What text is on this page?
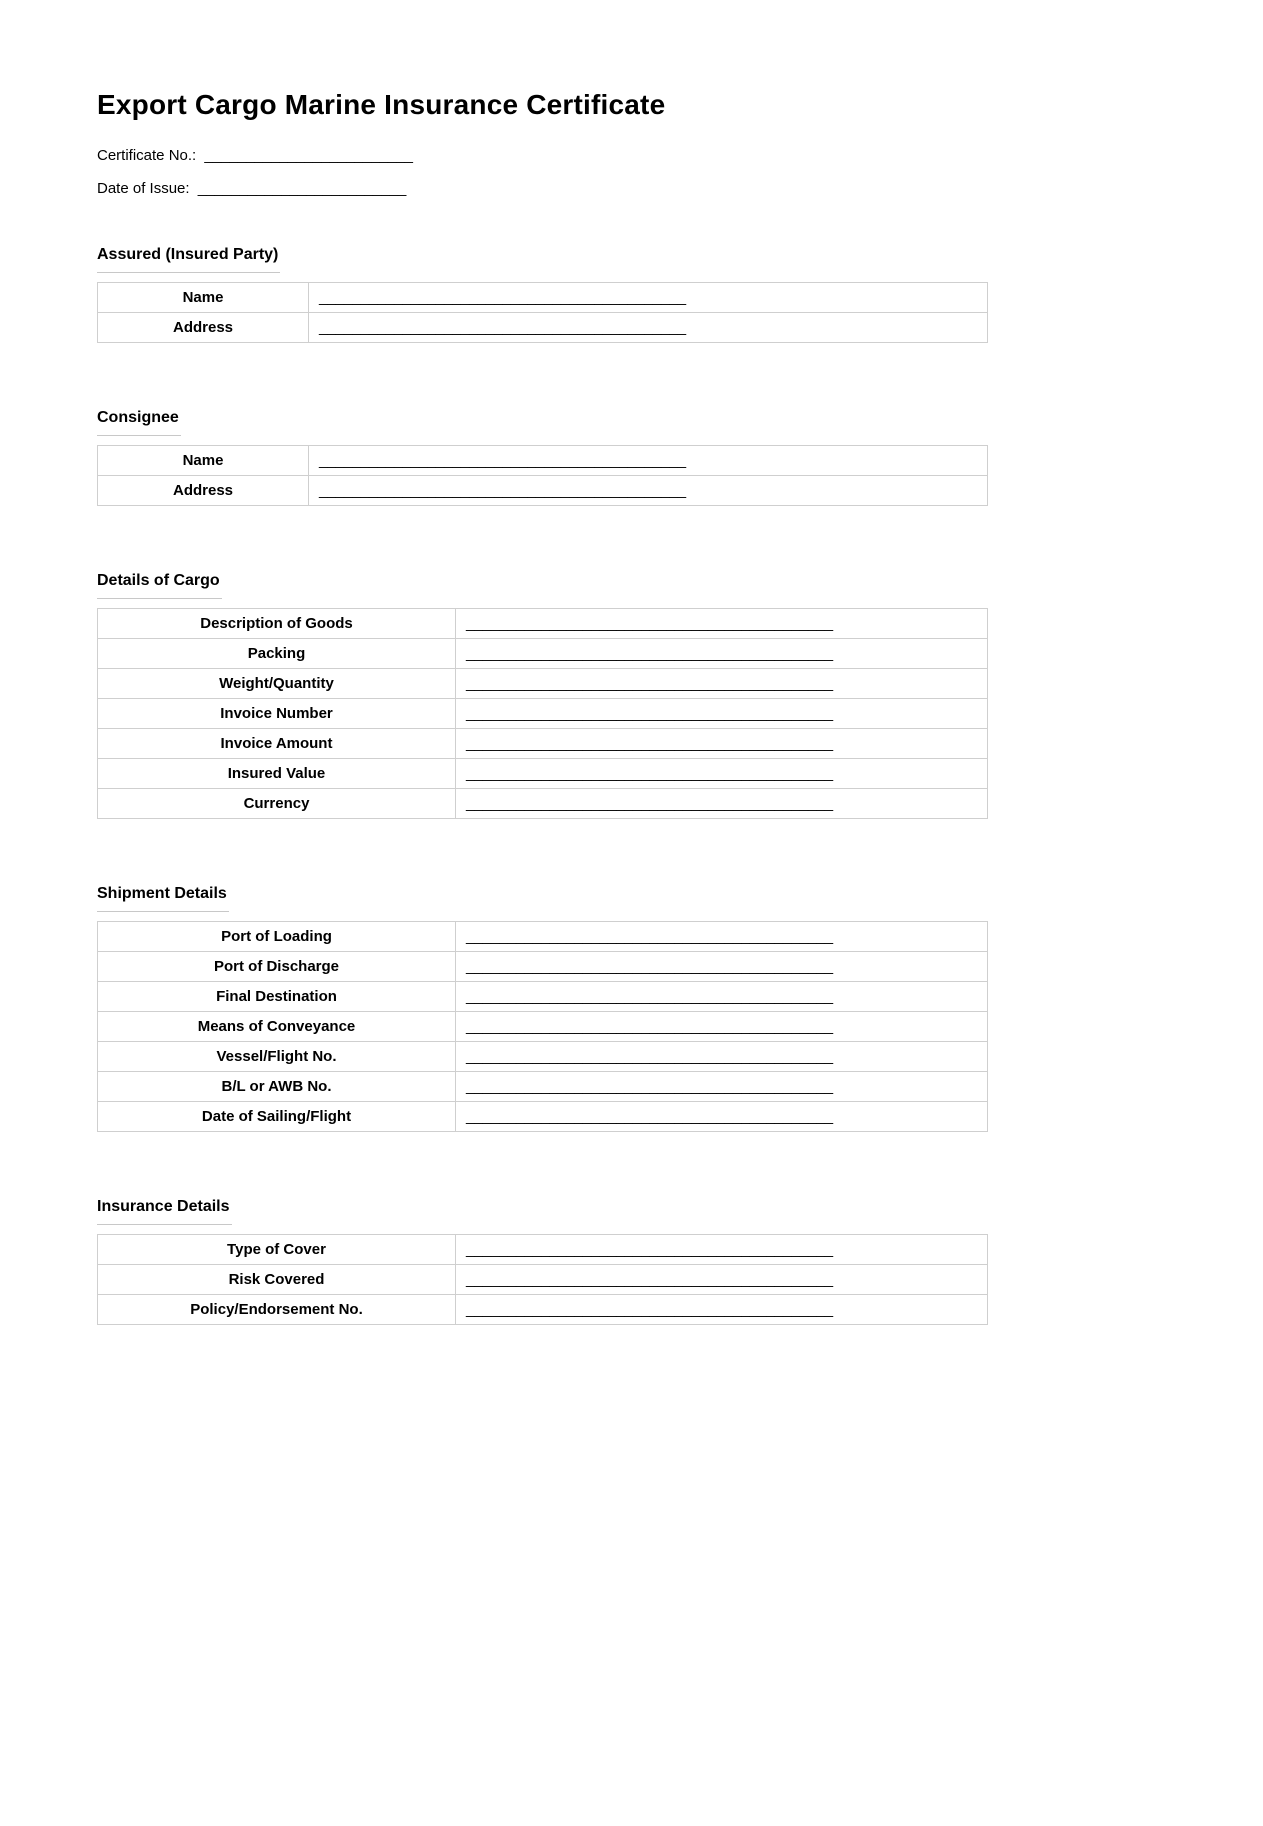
Export Cargo Marine Insurance Certificate

Certificate No.: _________________________

Date of Issue: _________________________

Assured (Insured Party)
Name	____________________________________________
Address	____________________________________________
Consignee
Name	____________________________________________
Address	____________________________________________
Details of Cargo
Description of Goods	____________________________________________
Packing	____________________________________________
Weight/Quantity	____________________________________________
Invoice Number	____________________________________________
Invoice Amount	____________________________________________
Insured Value	____________________________________________
Currency	____________________________________________
Shipment Details
Port of Loading	____________________________________________
Port of Discharge	____________________________________________
Final Destination	____________________________________________
Means of Conveyance	____________________________________________
Vessel/Flight No.	____________________________________________
B/L or AWB No.	____________________________________________
Date of Sailing/Flight	____________________________________________
Insurance Details
Type of Cover	____________________________________________
Risk Covered	____________________________________________
Policy/Endorsement No.	____________________________________________
